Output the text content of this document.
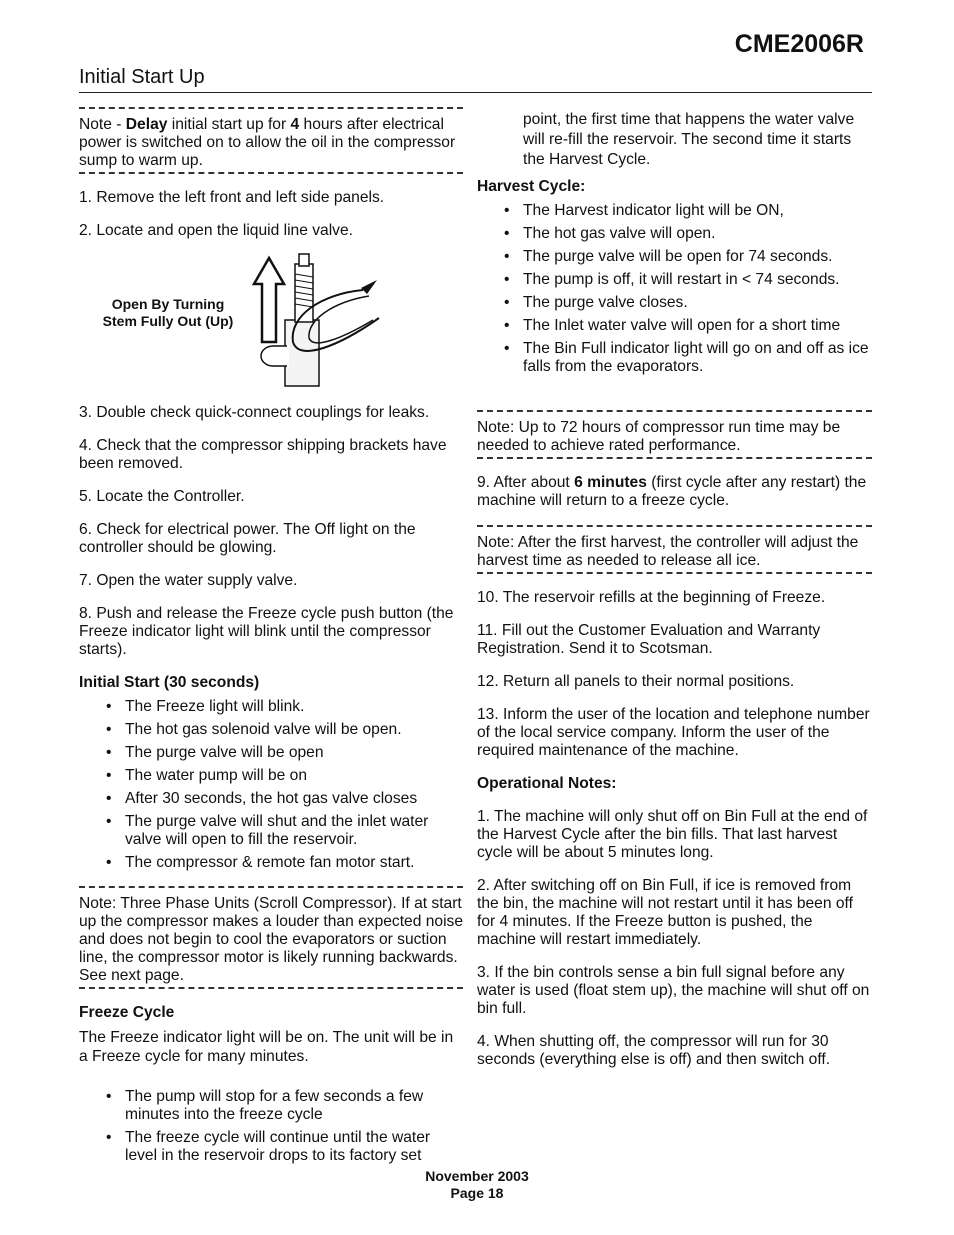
CME2006R
Initial Start Up
Note - Delay initial start up for 4 hours after electrical power is switched on to allow the oil in the compressor sump to warm up.

1. Remove the left front and left side panels.

2. Locate and open the liquid line valve.

Open By Turning
Stem Fully Out (Up)

3. Double check quick-connect couplings for leaks.

4. Check that the compressor shipping brackets have been removed.

5. Locate the Controller.

6. Check for electrical power. The Off light on the controller should be glowing.

7. Open the water supply valve.

8. Push and release the Freeze cycle push button (the Freeze indicator light will blink until the compressor starts).

Initial Start (30 seconds)
• The Freeze light will blink.
• The hot gas solenoid valve will be open.
• The purge valve will be open
• The water pump will be on
• After 30 seconds, the hot gas valve closes
• The purge valve will shut and the inlet water valve will open to fill the reservoir.
• The compressor & remote fan motor start.
Note: Three Phase Units (Scroll Compressor). If at start up the compressor makes a louder than expected noise and does not begin to cool the evaporators or suction line, the compressor motor is likely running backwards. See next page.
Freeze Cycle

The Freeze indicator light will be on. The unit will be in a Freeze cycle for many minutes.

• The pump will stop for a few seconds a few minutes into the freeze cycle
• The freeze cycle will continue until the water level in the reservoir drops to its factory set

point, the first time that happens the water valve will re-fill the reservoir. The second time it starts the Harvest Cycle.

Harvest Cycle:
• The Harvest indicator light will be ON,
• The hot gas valve will open.
• The purge valve will be open for 74 seconds.
• The pump is off, it will restart in < 74 seconds.
• The purge valve closes.
• The Inlet water valve will open for a short time
• The Bin Full indicator light will go on and off as ice falls from the evaporators.
Note: Up to 72 hours of compressor run time may be needed to achieve rated performance.

9. After about 6 minutes (first cycle after any restart) the machine will return to a freeze cycle.

Note: After the first harvest, the controller will adjust the harvest time as needed to release all ice.

10. The reservoir refills at the beginning of Freeze.

11. Fill out the Customer Evaluation and Warranty Registration. Send it to Scotsman.

12. Return all panels to their normal positions.

13. Inform the user of the location and telephone number of the local service company. Inform the user of the required maintenance of the machine.

Operational Notes:

1. The machine will only shut off on Bin Full at the end of the Harvest Cycle after the bin fills. That last harvest cycle will be about 5 minutes long.

2. After switching off on Bin Full, if ice is removed from the bin, the machine will not restart until it has been off for 4 minutes. If the Freeze button is pushed, the machine will restart immediately.

3. If the bin controls sense a bin full signal before any water is used (float stem up), the machine will shut off on bin full.

4. When shutting off, the compressor will run for 30 seconds (everything else is off) and then switch off.

November 2003
Page 18
